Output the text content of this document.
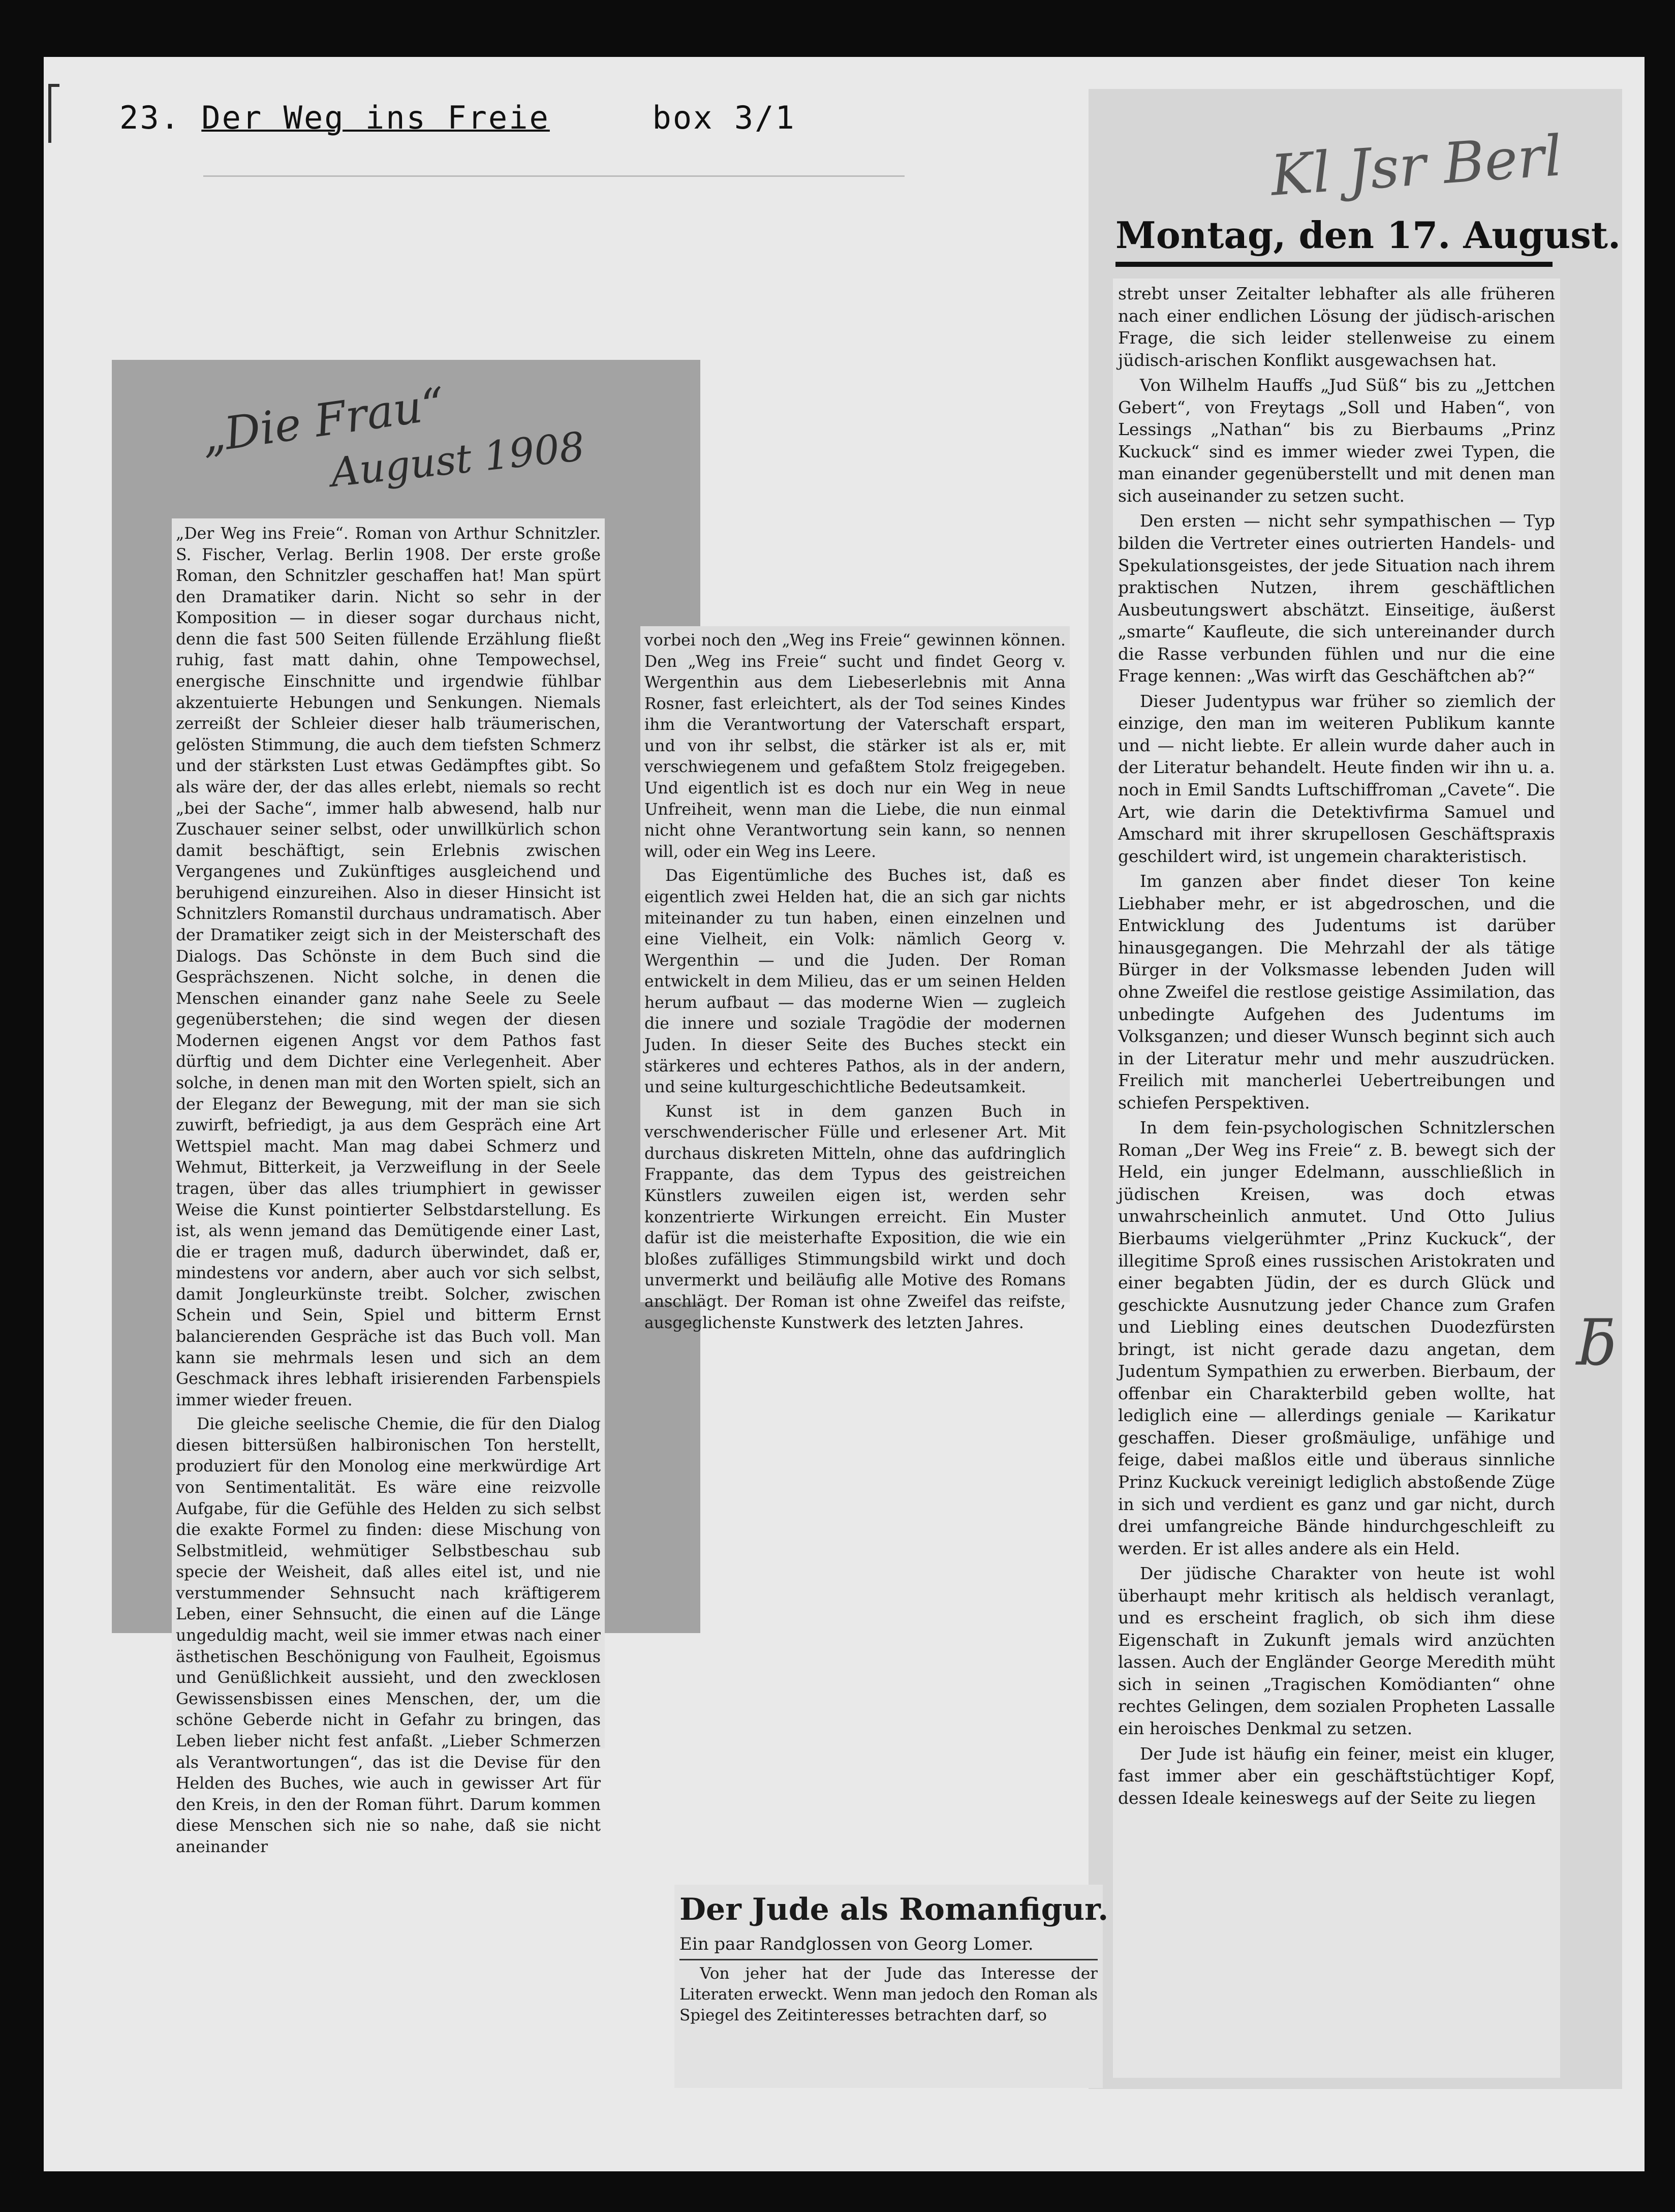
23. Der Weg ins Freie	box 3/1

„Die Frau“
August 1908

„Der Weg ins Freie“. Roman von Arthur Schnitzler. S. Fischer, Verlag. Berlin 1908. Der erste große Roman, den Schnitzler geschaffen hat! Man spürt den Dramatiker darin. Nicht so sehr in der Komposition — in dieser sogar durchaus nicht, denn die fast 500 Seiten füllende Erzählung fließt ruhig, fast matt dahin, ohne Tempowechsel, energische Einschnitte und irgendwie fühlbar akzentuierte Hebungen und Senkungen. Niemals zerreißt der Schleier dieser halb träumerischen, gelösten Stimmung, die auch dem tiefsten Schmerz und der stärksten Lust etwas Gedämpftes gibt. So als wäre der, der das alles erlebt, niemals so recht „bei der Sache“, immer halb abwesend, halb nur Zuschauer seiner selbst, oder unwillkürlich schon damit beschäftigt, sein Erlebnis zwischen Vergangenes und Zukünftiges ausgleichend und beruhigend einzureihen. Also in dieser Hinsicht ist Schnitzlers Romanstil durchaus undramatisch. Aber der Dramatiker zeigt sich in der Meisterschaft des Dialogs. Das Schönste in dem Buch sind die Gesprächszenen. Nicht solche, in denen die Menschen einander ganz nahe Seele zu Seele gegenüberstehen; die sind wegen der diesen Modernen eigenen Angst vor dem Pathos fast dürftig und dem Dichter eine Verlegenheit. Aber solche, in denen man mit den Worten spielt, sich an der Eleganz der Bewegung, mit der man sie sich zuwirft, befriedigt, ja aus dem Gespräch eine Art Wettspiel macht. Man mag dabei Schmerz und Wehmut, Bitterkeit, ja Verzweiflung in der Seele tragen, über das alles triumphiert in gewisser Weise die Kunst pointierter Selbstdarstellung. Es ist, als wenn jemand das Demütigende einer Last, die er tragen muß, dadurch überwindet, daß er, mindestens vor andern, aber auch vor sich selbst, damit Jongleurkünste treibt. Solcher, zwischen Schein und Sein, Spiel und bitterm Ernst balancierenden Gespräche ist das Buch voll. Man kann sie mehrmals lesen und sich an dem Geschmack ihres lebhaft irisierenden Farbenspiels immer wieder freuen.

Die gleiche seelische Chemie, die für den Dialog diesen bittersüßen halbironischen Ton herstellt, produziert für den Monolog eine merkwürdige Art von Sentimentalität. Es wäre eine reizvolle Aufgabe, für die Gefühle des Helden zu sich selbst die exakte Formel zu finden: diese Mischung von Selbstmitleid, wehmütiger Selbstbeschau sub specie der Weisheit, daß alles eitel ist, und nie verstummender Sehnsucht nach kräftigerem Leben, einer Sehnsucht, die einen auf die Länge ungeduldig macht, weil sie immer etwas nach einer ästhetischen Beschönigung von Faulheit, Egoismus und Genüßlichkeit aussieht, und den zwecklosen Gewissensbissen eines Menschen, der, um die schöne Geberde nicht in Gefahr zu bringen, das Leben lieber nicht fest anfaßt. „Lieber Schmerzen als Verantwortungen“, das ist die Devise für den Helden des Buches, wie auch in gewisser Art für den Kreis, in den der Roman führt. Darum kommen diese Menschen sich nie so nahe, daß sie nicht aneinander

vorbei noch den „Weg ins Freie“ gewinnen können. Den „Weg ins Freie“ sucht und findet Georg v. Wergenthin aus dem Liebeserlebnis mit Anna Rosner, fast erleichtert, als der Tod seines Kindes ihm die Verantwortung der Vaterschaft erspart, und von ihr selbst, die stärker ist als er, mit verschwiegenem und gefaßtem Stolz freigegeben. Und eigentlich ist es doch nur ein Weg in neue Unfreiheit, wenn man die Liebe, die nun einmal nicht ohne Verantwortung sein kann, so nennen will, oder ein Weg ins Leere.

Das Eigentümliche des Buches ist, daß es eigentlich zwei Helden hat, die an sich gar nichts miteinander zu tun haben, einen einzelnen und eine Vielheit, ein Volk: nämlich Georg v. Wergenthin — und die Juden. Der Roman entwickelt in dem Milieu, das er um seinen Helden herum aufbaut — das moderne Wien — zugleich die innere und soziale Tragödie der modernen Juden. In dieser Seite des Buches steckt ein stärkeres und echteres Pathos, als in der andern, und seine kulturgeschichtliche Bedeutsamkeit.

Kunst ist in dem ganzen Buch in verschwenderischer Fülle und erlesener Art. Mit durchaus diskreten Mitteln, ohne das aufdringlich Frappante, das dem Typus des geistreichen Künstlers zuweilen eigen ist, werden sehr konzentrierte Wirkungen erreicht. Ein Muster dafür ist die meisterhafte Exposition, die wie ein bloßes zufälliges Stimmungsbild wirkt und doch unvermerkt und beiläufig alle Motive des Romans anschlägt. Der Roman ist ohne Zweifel das reifste, ausgeglichenste Kunstwerk des letzten Jahres.

Kl Jsr Berl
ƃ
Montag, den 17. August.

strebt unser Zeitalter lebhafter als alle früheren nach einer endlichen Lösung der jüdisch-arischen Frage, die sich leider stellenweise zu einem jüdisch-arischen Konflikt ausgewachsen hat.

Von Wilhelm Hauffs „Jud Süß“ bis zu „Jettchen Gebert“, von Freytags „Soll und Haben“, von Lessings „Nathan“ bis zu Bierbaums „Prinz Kuckuck“ sind es immer wieder zwei Typen, die man einander gegenüberstellt und mit denen man sich auseinander zu setzen sucht.

Den ersten — nicht sehr sympathischen — Typ bilden die Vertreter eines outrierten Handels- und Spekulationsgeistes, der jede Situation nach ihrem praktischen Nutzen, ihrem geschäftlichen Ausbeutungswert abschätzt. Einseitige, äußerst „smarte“ Kaufleute, die sich untereinander durch die Rasse verbunden fühlen und nur die eine Frage kennen: „Was wirft das Geschäftchen ab?“

Dieser Judentypus war früher so ziemlich der einzige, den man im weiteren Publikum kannte und — nicht liebte. Er allein wurde daher auch in der Literatur behandelt. Heute finden wir ihn u. a. noch in Emil Sandts Luftschiffroman „Cavete“. Die Art, wie darin die Detektivfirma Samuel und Amschard mit ihrer skrupellosen Geschäftspraxis geschildert wird, ist ungemein charakteristisch.

Im ganzen aber findet dieser Ton keine Liebhaber mehr, er ist abgedroschen, und die Entwicklung des Judentums ist darüber hinausgegangen. Die Mehrzahl der als tätige Bürger in der Volksmasse lebenden Juden will ohne Zweifel die restlose geistige Assimilation, das unbedingte Aufgehen des Judentums im Volksganzen; und dieser Wunsch beginnt sich auch in der Literatur mehr und mehr auszudrücken. Freilich mit mancherlei Uebertreibungen und schiefen Perspektiven.

In dem fein-psychologischen Schnitzlerschen Roman „Der Weg ins Freie“ z. B. bewegt sich der Held, ein junger Edelmann, ausschließlich in jüdischen Kreisen, was doch etwas unwahrscheinlich anmutet. Und Otto Julius Bierbaums vielgerühmter „Prinz Kuckuck“, der illegitime Sproß eines russischen Aristokraten und einer begabten Jüdin, der es durch Glück und geschickte Ausnutzung jeder Chance zum Grafen und Liebling eines deutschen Duodezfürsten bringt, ist nicht gerade dazu angetan, dem Judentum Sympathien zu erwerben. Bierbaum, der offenbar ein Charakterbild geben wollte, hat lediglich eine — allerdings geniale — Karikatur geschaffen. Dieser großmäulige, unfähige und feige, dabei maßlos eitle und überaus sinnliche Prinz Kuckuck vereinigt lediglich abstoßende Züge in sich und verdient es ganz und gar nicht, durch drei umfangreiche Bände hindurchgeschleift zu werden. Er ist alles andere als ein Held.

Der jüdische Charakter von heute ist wohl überhaupt mehr kritisch als heldisch veranlagt, und es erscheint fraglich, ob sich ihm diese Eigenschaft in Zukunft jemals wird anzüchten lassen. Auch der Engländer George Meredith müht sich in seinen „Tragischen Komödianten“ ohne rechtes Gelingen, dem sozialen Propheten Lassalle ein heroisches Denkmal zu setzen.

Der Jude ist häufig ein feiner, meist ein kluger, fast immer aber ein geschäftstüchtiger Kopf, dessen Ideale keineswegs auf der Seite zu liegen

Der Jude als Romanfigur.
Ein paar Randglossen von Georg Lomer.

Von jeher hat der Jude das Interesse der Literaten erweckt. Wenn man jedoch den Roman als Spiegel des Zeitinteresses betrachten darf, so
